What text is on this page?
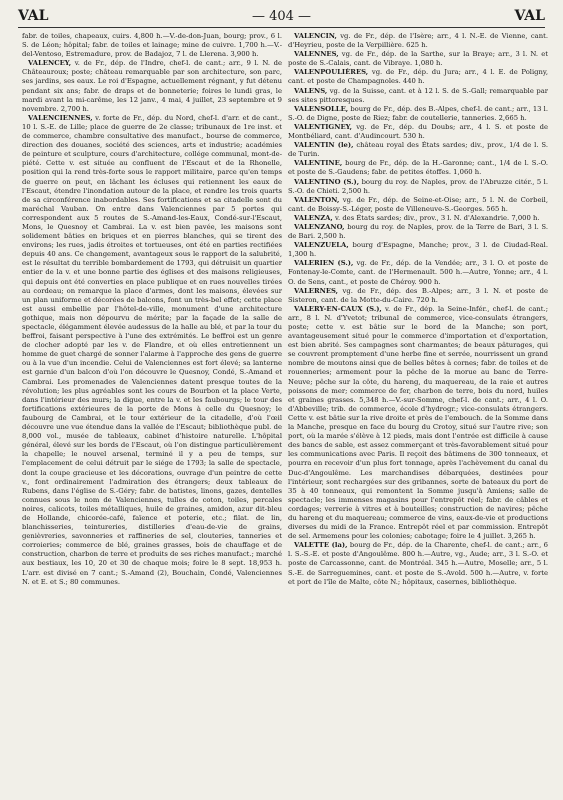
VAL	— 404 —	VAL

fabr. de toiles, chapeaux, cuirs. 4,800 h.—V.-de-don-Juan, bourg; prov., 6 l. S. de Léon; hôpital; fabr. de toiles et lainage; mine de cuivre. 1,700 h.—V.-del-Ventoso, Estremadure, prov. de Badajoz, 7 l. de Llerena. 3,900 h.

VALENCEY, v. de Fr., dép. de l'Indre, chef-l. de cant.; arr., 9 l. N. de Châteauroux; poste; château remarquable par son architecture, son parc, ses jardins, ses eaux. Le roi d'Espagne, actuellement régnant, y fut détenu pendant six ans; fabr. de draps et de bonneterie; foires le lundi gras, le mardi avant la mi-carême, les 12 janv., 4 mai, 4 juillet, 23 septembre et 9 novembre. 2,700 h.

VALENCIENNES, v. forte de Fr., dép. du Nord, chef-l. d'arr. et de cant., 10 l. S.-E. de Lille; place de guerre de 2e classe; tribunaux de 1re inst. et de commerce, chambre consultative des manufact., bourse de commerce, direction des douanes, société des sciences, arts et industrie; académies de peinture et sculpture, cours d'architecture, collége communal, mont-de-piété. Cette v. est située au confluent de l'Escaut et de la Rhonelle, position qui la rend très-forte sous le rapport militaire, parce qu'en temps de guerre on peut, en lâchant les écluses qui retiennent les eaux de l'Escaut, étendre l'inondation autour de la place, et rendre les trois quarts de sa circonférence inabordables. Ses fortifications et sa citadelle sont du maréchal Vauban. On entre dans Valenciennes par 5 portes qui correspondent aux 5 routes de S.-Amand-les-Eaux, Condé-sur-l'Escaut, Mons, le Quesnoy et Cambrai. La v. est bien pavée, les maisons sont solidement bâties en briques et en pierres blanches, qui se tirent des environs; les rues, jadis étroites et tortueuses, ont été en parties rectifiées depuis 40 ans. Ce changement, avantageux sous le rapport de la salubrité, est le résultat du terrible bombardement de 1793, qui détruisit un quartier entier de la v. et une bonne partie des églises et des maisons religieuses, qui depuis ont été converties en place publique et en rues nouvelles tirées au cordeau; on remarque la place d'armes, dont les maisons, élevées sur un plan uniforme et décorées de balcons, font un très-bel effet; cette place est aussi embellie par l'hôtel-de-ville, monument d'une architecture gothique, mais non dépourvu de mérite; par la façade de la salle de spectacle, élégamment élevée audessus de la halle au blé, et par la tour du beffroi, faisant perspective à l'une des extrémités. Le beffroi est un genre de clocher adopté par les v. de Flandre, et où elles entretiennent un homme de guet chargé de sonner l'alarme à l'approche des gens de guerre ou à la vue d'un incendie. Celui de Valenciennes est fort élevé; sa lanterne est garnie d'un balcon d'où l'on découvre le Quesnoy, Condé, S.-Amand et Cambrai. Les promenades de Valenciennes datent presque toutes de la révolution; les plus agréables sont les cours de Bourbon et la place Verte, dans l'intérieur des murs; la digue, entre la v. et les faubourgs; le tour des fortifications extérieures de la porte de Mons à celle du Quesnoy; le faubourg de Cambrai, et le tour extérieur de la citadelle, d'où l'œil découvre une vue étendue dans la vallée de l'Escaut; bibliothèque publ. de 8,000 vol., musée de tableaux, cabinet d'histoire naturelle. L'hôpital général, élevé sur les bords de l'Escaut, où l'on distingue particulièrement la chapelle; le nouvel arsenal, terminé il y a peu de temps, sur l'emplacement de celui détruit par le siége de 1793; la salle de spectacle, dont la coupe gracieuse et les décorations, ouvrage d'un peintre de cette v., font ordinairement l'admiration des étrangers; deux tableaux de Rubens, dans l'église de S.-Géry; fabr. de batistes, linons, gazes, dentelles connues sous le nom de Valenciennes, tulles de coton, toiles, percales noires, calicots, toiles métalliques, huile de graines, amidon, azur dit-bleu de Hollande, chicorée-café, faïence et poterie, etc.; filat. de lin, blanchisseries, teintureries, distilleries d'eau-de-vie de grains, genièvreries, savonneries et raffineries de sel, clouteries, tanneries et corroieries; commerce de blé, graines grasses, bois de chauffage et de construction, charbon de terre et produits de ses riches manufact.; marché aux bestiaux, les 10, 20 et 30 de chaque mois; foire le 8 sept. 18,953 h. L'arr. est divisé en 7 cant.; S.-Amand (2), Bouchain, Condé, Valenciennes N. et E. et S.; 80 communes.

VALENCIN, vg. de Fr., dép. de l'Isère; arr., 4 l. N.-E. de Vienne, cant. d'Heyrieu, poste de la Verpillière. 625 h.

VALENNES, vg. de Fr., dép. de la Sarthe, sur la Braye; arr., 3 l. N. et poste de S.-Calais, cant. de Vibraye. 1,080 h.

VALENPOULIÈRES, vg. de Fr., dép. du Jura; arr., 4 l. E. de Poligny, cant. et poste de Champagnoles. 440 h.

VALENS, vg. de la Suisse, cant. et à 12 l. S. de S.-Gall; remarquable par ses sites pittoresques.

VALENSOLLE, bourg de Fr., dép. des B.-Alpes, chef-l. de cant.; arr., 13 l. S.-O. de Digne, poste de Riez; fabr. de coutellerie, tanneries. 2,665 h.

VALENTIGNEY, vg. de Fr., dép. du Doubs; arr., 4 l. S. et poste de Montbéliard, cant. d'Audincourt. 530 h.

VALENTIN (le), château royal des États sardes; div., prov., 1/4 de l. S. de Turin.

VALENTINE, bourg de Fr., dép. de la H.-Garonne; cant., 1/4 de l. S.-O. et poste de S.-Gaudens; fabr. de petites étoffes. 1,060 h.

VALENTINO (S.), bourg du roy. de Naples, prov. de l'Abruzze citér., 5 l. S.-O. de Chieti. 2,500 h.

VALENTON, vg. de Fr., dép. de Seine-et-Oise; arr., 5 l. N. de Corbeil, cant. de Boissy-S.-Léger, poste de Villeneuve-S.-Georges. 565 h.

VALENZA, v. des États sardes; div., prov., 3 l. N. d'Alexandrie. 7,000 h.

VALENZANO, bourg du roy. de Naples, prov. de la Terre de Bari, 3 l. S. de Bari. 2,500 h.

VALENZUELA, bourg d'Espagne, Manche; prov., 3 l. de Ciudad-Real. 1,300 h.

VALERIEN (S.), vg. de Fr., dép. de la Vendée; arr., 3 l. O. et poste de Fontenay-le-Comte, cant. de l'Hermenault. 500 h.—Autre, Yonne; arr., 4 l. O. de Sens, cant., et poste de Chéroy. 900 h.

VALERNES, vg. de Fr., dép. des B.-Alpes; arr., 3 l. N. et poste de Sisteron, cant. de la Motte-du-Caire. 720 h.

VALERY-EN-CAUX (S.), v. de Fr., dép. la Seine-Infér., chef-l. de cant.; arr., 8 l. N. d'Yvetot; tribunal de commerce, vice-consulats étrangers, poste; cette v. est bâtie sur le bord de la Manche; son port, avantageusement situé pour le commerce d'importation et d'exportation, est bien abrité. Ses campagnes sont charmantes; de beaux pâturages, qui se couvrent promptement d'une herbe fine et serrée, nourrissent un grand nombre de moutons ainsi que de belles bêtes à cornes; fabr. de toiles et de rouenneries; armement pour la pêche de la morue au banc de Terre-Neuve; pêche sur la côte, du hareng, du maquereau, de la raie et autres poissons de mer; commerce de fer, charbon de terre, bois du nord, huiles et graines grasses. 5,348 h.—V.-sur-Somme, chef-l. de cant.; arr., 4 l. O. d'Abbeville; trib. de commerce, école d'hydrogr.; vice-consulats étrangers. Cette v. est bâtie sur la rive droite et près de l'embouch. de la Somme dans la Manche, presque en face du bourg du Crotoy, situé sur l'autre rive; son port, où la marée s'élève à 12 pieds, mais dont l'entrée est difficile à cause des bancs de sable, est assez commerçant et très-favorablement situé pour les communications avec Paris. Il reçoit des bâtimens de 300 tonneaux, et pourra en recevoir d'un plus fort tonnage, après l'achèvement du canal du Duc-d'Angoulême. Les marchandises débarquées, destinées pour l'intérieur, sont rechargées sur des gribannes, sorte de bateaux du port de 35 à 40 tonneaux, qui remontent la Somme jusqu'à Amiens; salle de spectacle; les immenses magasins pour l'entrepôt réel; fabr. de câbles et cordages; verrerie à vitres et à bouteilles; construction de navires; pêche du hareng et du maquereau; commerce de vins, eaux-de-vie et productions diverses du midi de la France. Entrepôt réel et par commission. Entrepôt de sel. Armemens pour les colonies; cabotage; foire le 4 juillet. 3,265 h.

VALETTE (la), bourg de Fr., dép. de la Charente, chef-l. de cant.; arr., 6 l. S.-S.-E. et poste d'Angoulême. 800 h.—Autre, vg., Aude; arr., 3 l. S.-O. et poste de Carcassonne, cant. de Montréal. 345 h.—Autre, Moselle; arr., 5 l. S.-E. de Sarreguemines, cant. et poste de S.-Avold. 500 h.—Autre, v. forte et port de l'île de Malte, côte N.; hôpitaux, casernes, bibliothèque.
